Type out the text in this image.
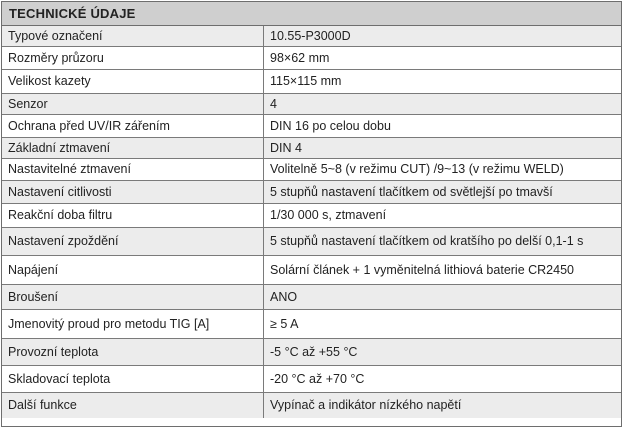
TECHNICKÉ ÚDAJE
Typové označení	10.55-P3000D
Rozměry průzoru	98×62 mm
Velikost kazety	115×115 mm
Senzor	4
Ochrana před UV/IR zářením	DIN 16 po celou dobu
Základní ztmavení	DIN 4
Nastavitelné ztmavení	Volitelně 5~8 (v režimu CUT) /9~13 (v režimu WELD)
Nastavení citlivosti	5 stupňů nastavení tlačítkem od světlejší po tmavší
Reakční doba filtru	1/30 000 s, ztmavení
Nastavení zpoždění	5 stupňů nastavení tlačítkem od kratšího po delší 0,1-1 s
Napájení	Solární článek + 1 vyměnitelná lithiová baterie CR2450
Broušení	ANO
Jmenovitý proud pro metodu TIG [A]	≥ 5 A
Provozní teplota	-5 °C až +55 °C
Skladovací teplota	-20 °C až +70 °C
Další funkce	Vypínač a indikátor nízkého napětí
